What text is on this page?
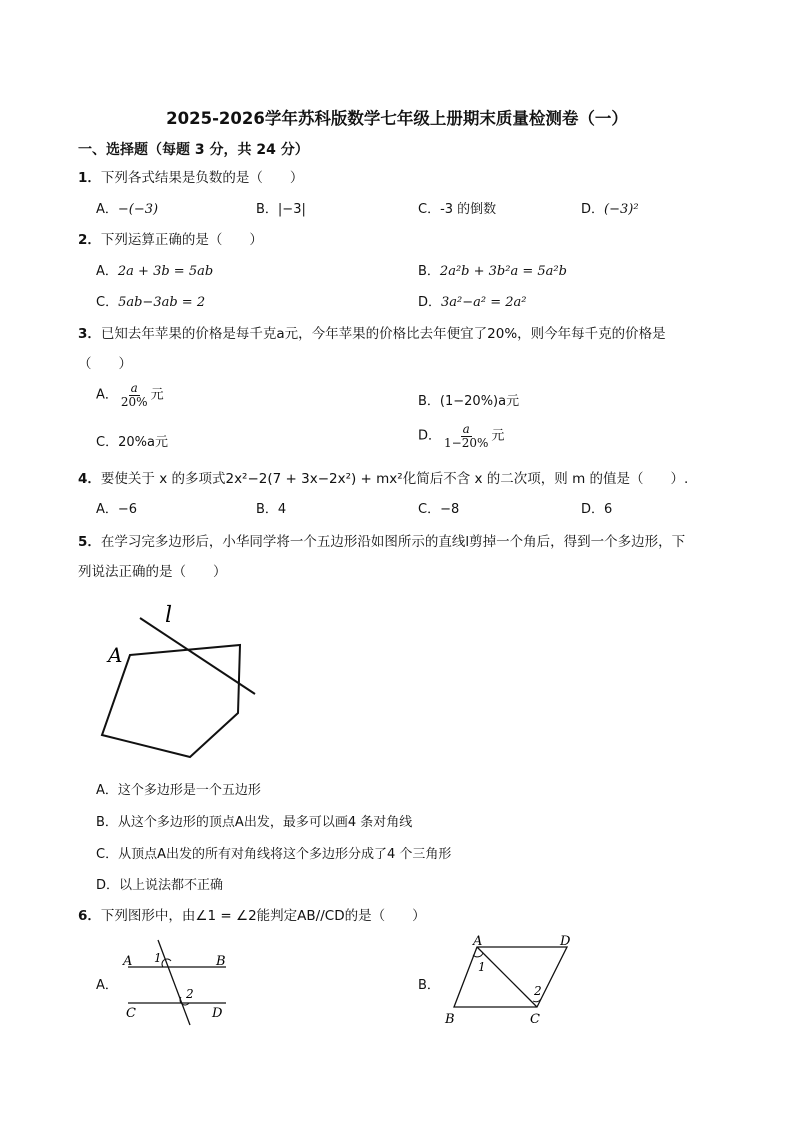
2025-2026学年苏科版数学七年级上册期末质量检测卷（一）
一、选择题（每题 3 分，共 24 分）
1．下列各式结果是负数的是（　　）
A．−(−3)	B．|−3|	C．-3 的倒数	D．(−3)²
2．下列运算正确的是（　　）
A．2a + 3b = 5ab	B．2a²b + 3b²a = 5a²b
C．5ab−3ab = 2	D．3a²−a² = 2a²
3．已知去年苹果的价格是每千克a元，今年苹果的价格比去年便宜了20%，则今年每千克的价格是
（　　）
A． $\frac{a}{20\%}$ 元	B．(1−20%)a元
C．20%a元	D． $\frac{a}{1-20\%}$ 元
4．要使关于 x 的多项式2x²−2(7 + 3x−2x²) + mx²化简后不含 x 的二次项，则 m 的值是（　　）.
A．−6	B．4	C．−8	D．6
5．在学习完多边形后，小华同学将一个五边形沿如图所示的直线l剪掉一个角后，得到一个多边形，下
列说法正确的是（　　）
l
A
A．这个多边形是一个五边形
B．从这个多边形的顶点A出发，最多可以画4 条对角线
C．从顶点A出发的所有对角线将这个多边形分成了4 个三角形
D．以上说法都不正确
6．下列图形中，由∠1 = ∠2能判定AB//CD的是（　　）
A．
A	B
1
2
C	D
B．
A	D
1
2
B	C
